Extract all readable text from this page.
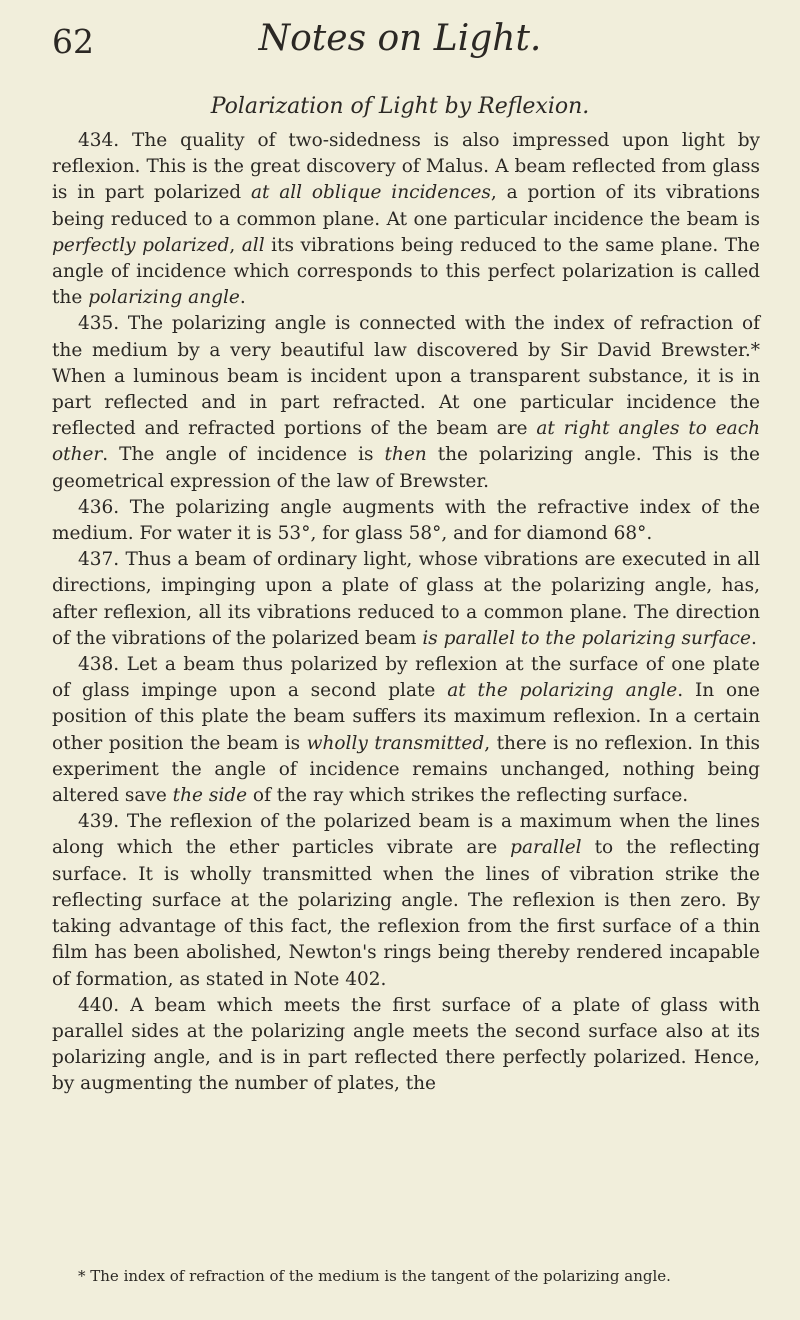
62	Notes on Light.
Polarization of Light by Reflexion.

434. The quality of two-sidedness is also impressed upon light by reflexion. This is the great discovery of Malus. A beam reflected from glass is in part polarized at all oblique incidences, a portion of its vibrations being reduced to a common plane. At one particular incidence the beam is perfectly polarized, all its vibrations being reduced to the same plane. The angle of incidence which corresponds to this perfect polarization is called the polarizing angle.

435. The polarizing angle is connected with the index of refraction of the medium by a very beautiful law discovered by Sir David Brewster.* When a luminous beam is incident upon a transparent substance, it is in part reflected and in part refracted. At one particular incidence the reflected and refracted portions of the beam are at right angles to each other. The angle of incidence is then the polarizing angle. This is the geometrical expression of the law of Brewster.

436. The polarizing angle augments with the refractive index of the medium. For water it is 53°, for glass 58°, and for diamond 68°.

437. Thus a beam of ordinary light, whose vibrations are executed in all directions, impinging upon a plate of glass at the polarizing angle, has, after reflexion, all its vibrations reduced to a common plane. The direction of the vibrations of the polarized beam is parallel to the polarizing surface.

438. Let a beam thus polarized by reflexion at the surface of one plate of glass impinge upon a second plate at the polarizing angle. In one position of this plate the beam suffers its maximum reflexion. In a certain other position the beam is wholly transmitted, there is no reflexion. In this experiment the angle of incidence remains unchanged, nothing being altered save the side of the ray which strikes the reflecting surface.

439. The reflexion of the polarized beam is a maximum when the lines along which the ether particles vibrate are parallel to the reflecting surface. It is wholly transmitted when the lines of vibration strike the reflecting surface at the polarizing angle. The reflexion is then zero. By taking advantage of this fact, the reflexion from the first surface of a thin film has been abolished, Newton's rings being thereby rendered incapable of formation, as stated in Note 402.

440. A beam which meets the first surface of a plate of glass with parallel sides at the polarizing angle meets the second surface also at its polarizing angle, and is in part reflected there perfectly polarized. Hence, by augmenting the number of plates, the

* The index of refraction of the medium is the tangent of the polarizing angle.
